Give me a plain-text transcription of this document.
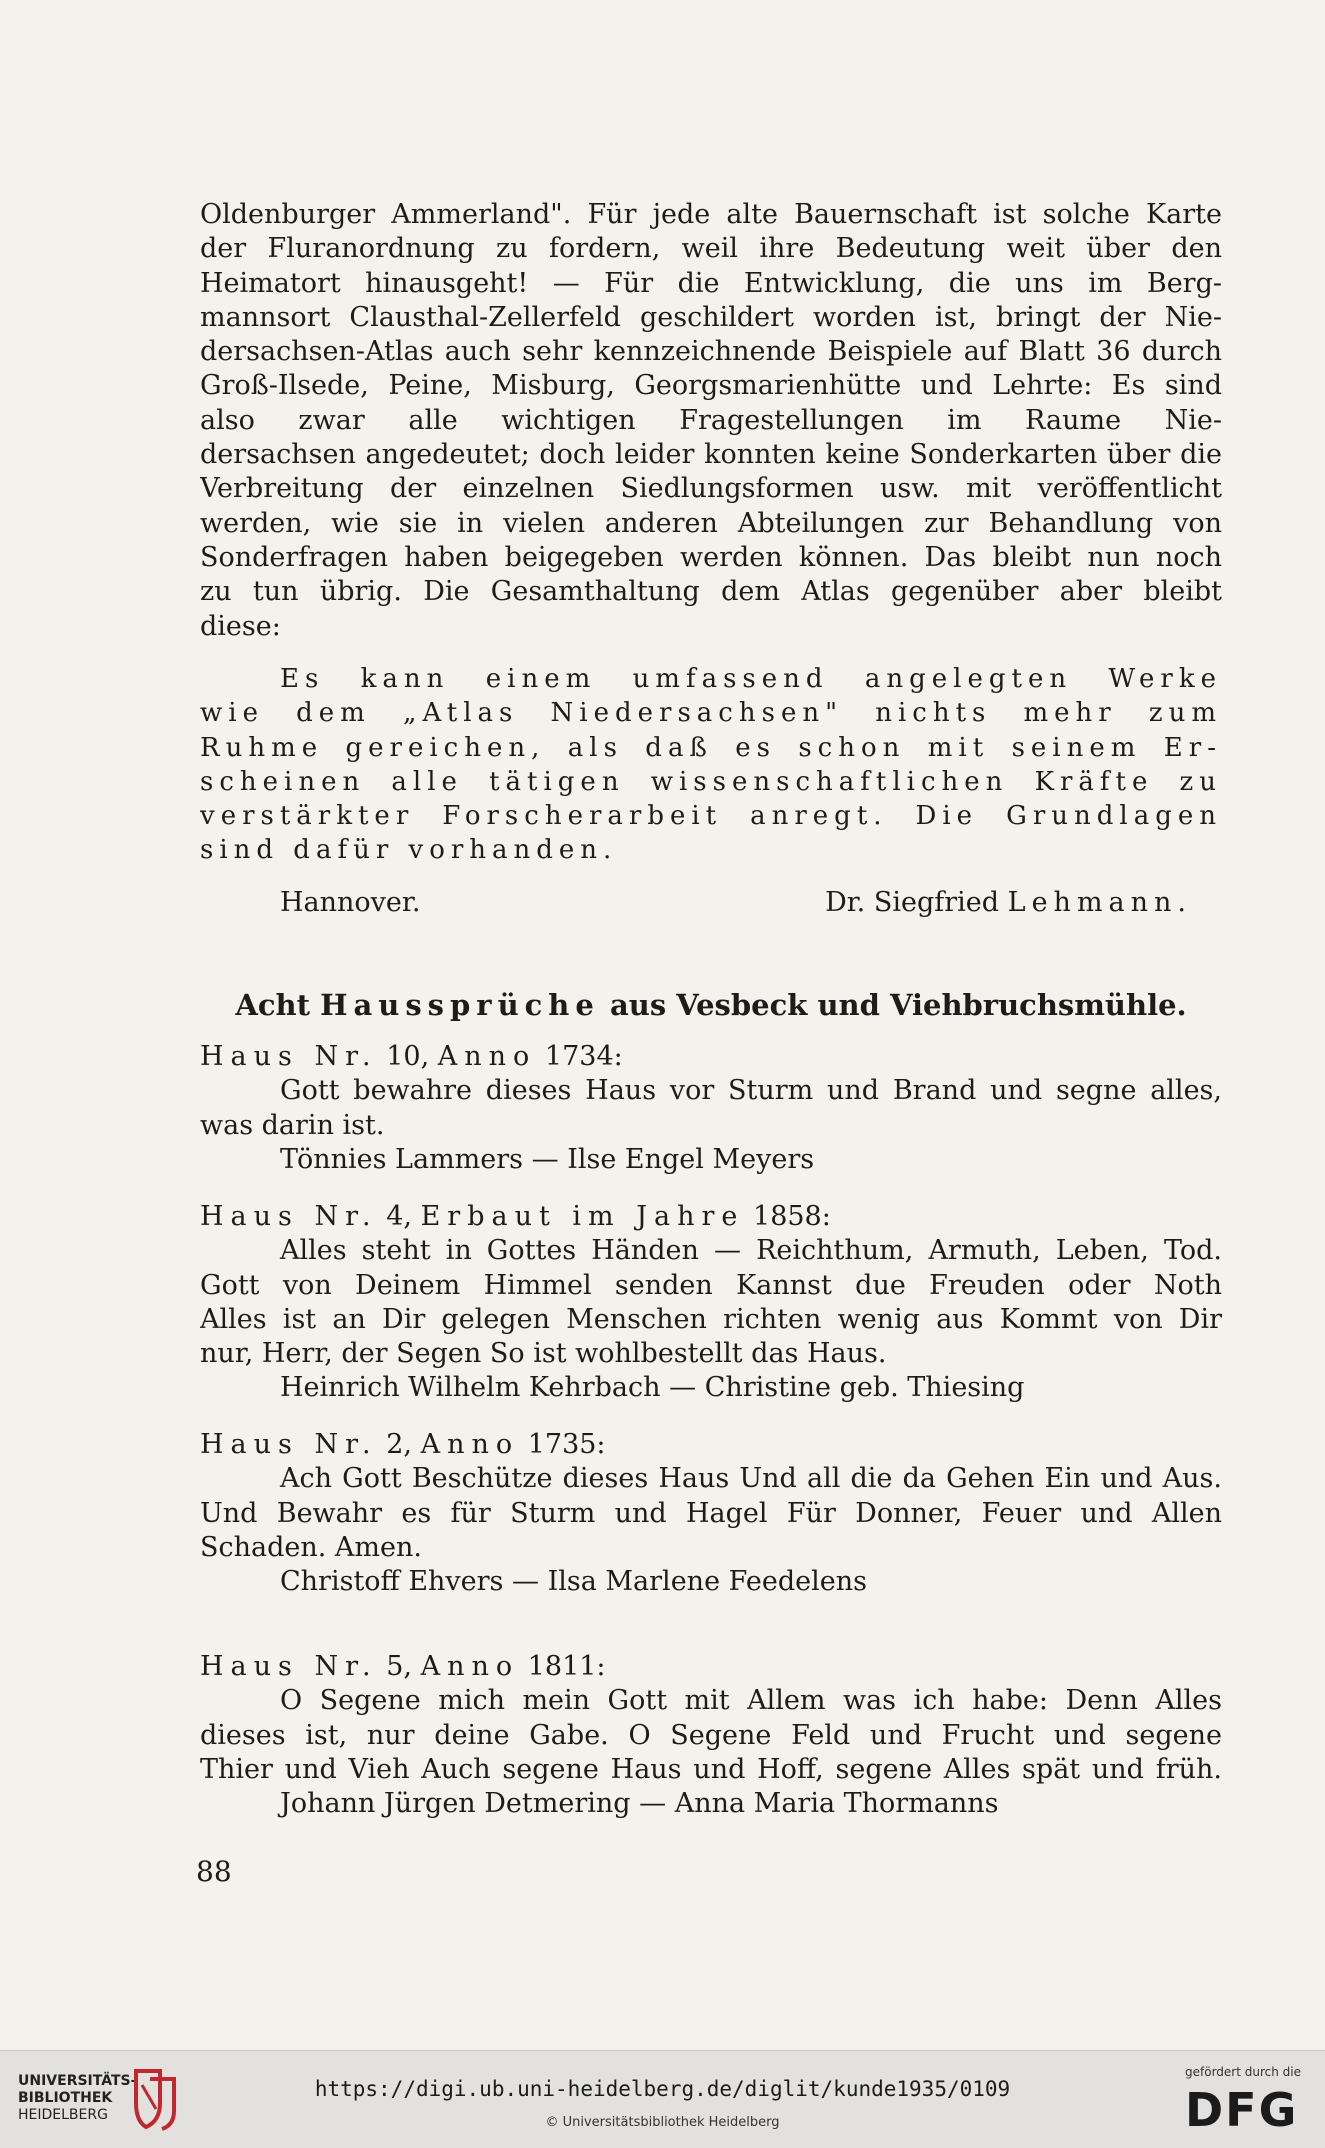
Oldenburger Ammerland". Für jede alte Bauernschaft ist solche Karte
der Fluranordnung zu fordern, weil ihre Bedeutung weit über den
Heimatort hinausgeht! — Für die Entwicklung, die uns im Berg-
mannsort Clausthal-Zellerfeld geschildert worden ist, bringt der Nie-
dersachsen-Atlas auch sehr kennzeichnende Beispiele auf Blatt 36 durch
Groß-Ilsede, Peine, Misburg, Georgsmarienhütte und Lehrte: Es sind
also zwar alle wichtigen Fragestellungen im Raume Nie-
dersachsen angedeutet; doch leider konnten keine Sonderkarten über die
Verbreitung der einzelnen Siedlungsformen usw. mit veröffentlicht
werden, wie sie in vielen anderen Abteilungen zur Behandlung von
Sonderfragen haben beigegeben werden können. Das bleibt nun noch
zu tun übrig. Die Gesamthaltung dem Atlas gegenüber aber bleibt
diese:
Es kann einem umfassend angelegten Werke
wie dem „Atlas Niedersachsen" nichts mehr zum
Ruhme gereichen, als daß es schon mit seinem Er-
scheinen alle tätigen wissenschaftlichen Kräfte zu
verstärkter Forscherarbeit anregt. Die Grundlagen
sind dafür vorhanden.
Hannover.	Dr. Siegfried Lehmann.
Acht Haussprüche aus Vesbeck und Viehbruchsmühle.
Haus Nr. 10, Anno 1734:
Gott bewahre dieses Haus vor Sturm und Brand und segne alles,
was darin ist.
Tönnies Lammers — Ilse Engel Meyers
Haus Nr. 4, Erbaut im Jahre 1858:
Alles steht in Gottes Händen — Reichthum, Armuth, Leben, Tod.
Gott von Deinem Himmel senden Kannst due Freuden oder Noth
Alles ist an Dir gelegen Menschen richten wenig aus Kommt von Dir
nur, Herr, der Segen So ist wohlbestellt das Haus.
Heinrich Wilhelm Kehrbach — Christine geb. Thiesing
Haus Nr. 2, Anno 1735:
Ach Gott Beschütze dieses Haus Und all die da Gehen Ein und Aus.
Und Bewahr es für Sturm und Hagel Für Donner, Feuer und Allen
Schaden. Amen.
Christoff Ehvers — Ilsa Marlene Feedelens
Haus Nr. 5, Anno 1811:
O Segene mich mein Gott mit Allem was ich habe: Denn Alles
dieses ist, nur deine Gabe. O Segene Feld und Frucht und segene
Thier und Vieh Auch segene Haus und Hoff, segene Alles spät und früh.
Johann Jürgen Detmering — Anna Maria Thormanns
88
UNIVERSITÄTS-
BIBLIOTHEK
HEIDELBERG
https://digi.ub.uni-heidelberg.de/diglit/kunde1935/0109
© Universitätsbibliothek Heidelberg
gefördert durch die
DFG
